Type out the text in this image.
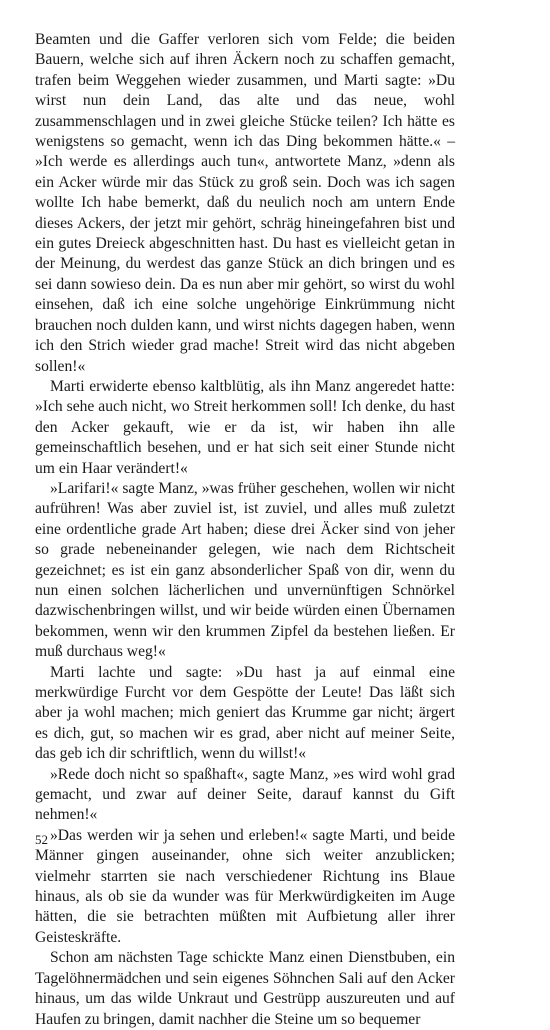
Beamten und die Gaffer verloren sich vom Felde; die beiden Bauern, welche sich auf ihren Äckern noch zu schaffen gemacht, trafen beim Weggehen wieder zusammen, und Marti sagte: »Du wirst nun dein Land, das alte und das neue, wohl zusammenschlagen und in zwei gleiche Stücke teilen? Ich hätte es wenigstens so gemacht, wenn ich das Ding bekommen hätte.« – »Ich werde es allerdings auch tun«, antwortete Manz, »denn als ein Acker würde mir das Stück zu groß sein. Doch was ich sagen wollte Ich habe bemerkt, daß du neulich noch am untern Ende dieses Ackers, der jetzt mir gehört, schräg hineingefahren bist und ein gutes Dreieck abgeschnitten hast. Du hast es vielleicht getan in der Meinung, du werdest das ganze Stück an dich bringen und es sei dann sowieso dein. Da es nun aber mir gehört, so wirst du wohl einsehen, daß ich eine solche ungehörige Einkrümmung nicht brauchen noch dulden kann, und wirst nichts dagegen haben, wenn ich den Strich wieder grad mache! Streit wird das nicht abgeben sollen!«

Marti erwiderte ebenso kaltblütig, als ihn Manz angeredet hatte: »Ich sehe auch nicht, wo Streit herkommen soll! Ich denke, du hast den Acker gekauft, wie er da ist, wir haben ihn alle gemeinschaftlich besehen, und er hat sich seit einer Stunde nicht um ein Haar verändert!«

»Larifari!« sagte Manz, »was früher geschehen, wollen wir nicht aufrühren! Was aber zuviel ist, ist zuviel, und alles muß zuletzt eine ordentliche grade Art haben; diese drei Äcker sind von jeher so grade nebeneinander gelegen, wie nach dem Richtscheit gezeichnet; es ist ein ganz absonderlicher Spaß von dir, wenn du nun einen solchen lächerlichen und unvernünftigen Schnörkel dazwischenbringen willst, und wir beide würden einen Übernamen bekommen, wenn wir den krummen Zipfel da bestehen ließen. Er muß durchaus weg!«

Marti lachte und sagte: »Du hast ja auf einmal eine merkwürdige Furcht vor dem Gespötte der Leute! Das läßt sich aber ja wohl machen; mich geniert das Krumme gar nicht; ärgert es dich, gut, so machen wir es grad, aber nicht auf meiner Seite, das geb ich dir schriftlich, wenn du willst!«

»Rede doch nicht so spaßhaft«, sagte Manz, »es wird wohl grad gemacht, und zwar auf deiner Seite, darauf kannst du Gift nehmen!«

»Das werden wir ja sehen und erleben!« sagte Marti, und beide Männer gingen auseinander, ohne sich weiter anzublicken; vielmehr starrten sie nach verschiedener Richtung ins Blaue hinaus, als ob sie da wunder was für Merkwürdigkeiten im Auge hätten, die sie betrachten müßten mit Aufbietung aller ihrer Geisteskräfte.

Schon am nächsten Tage schickte Manz einen Dienstbuben, ein Tagelöhnermädchen und sein eigenes Söhnchen Sali auf den Acker hinaus, um das wilde Unkraut und Gestrüpp auszureuten und auf Haufen zu bringen, damit nachher die Steine um so bequemer

52
